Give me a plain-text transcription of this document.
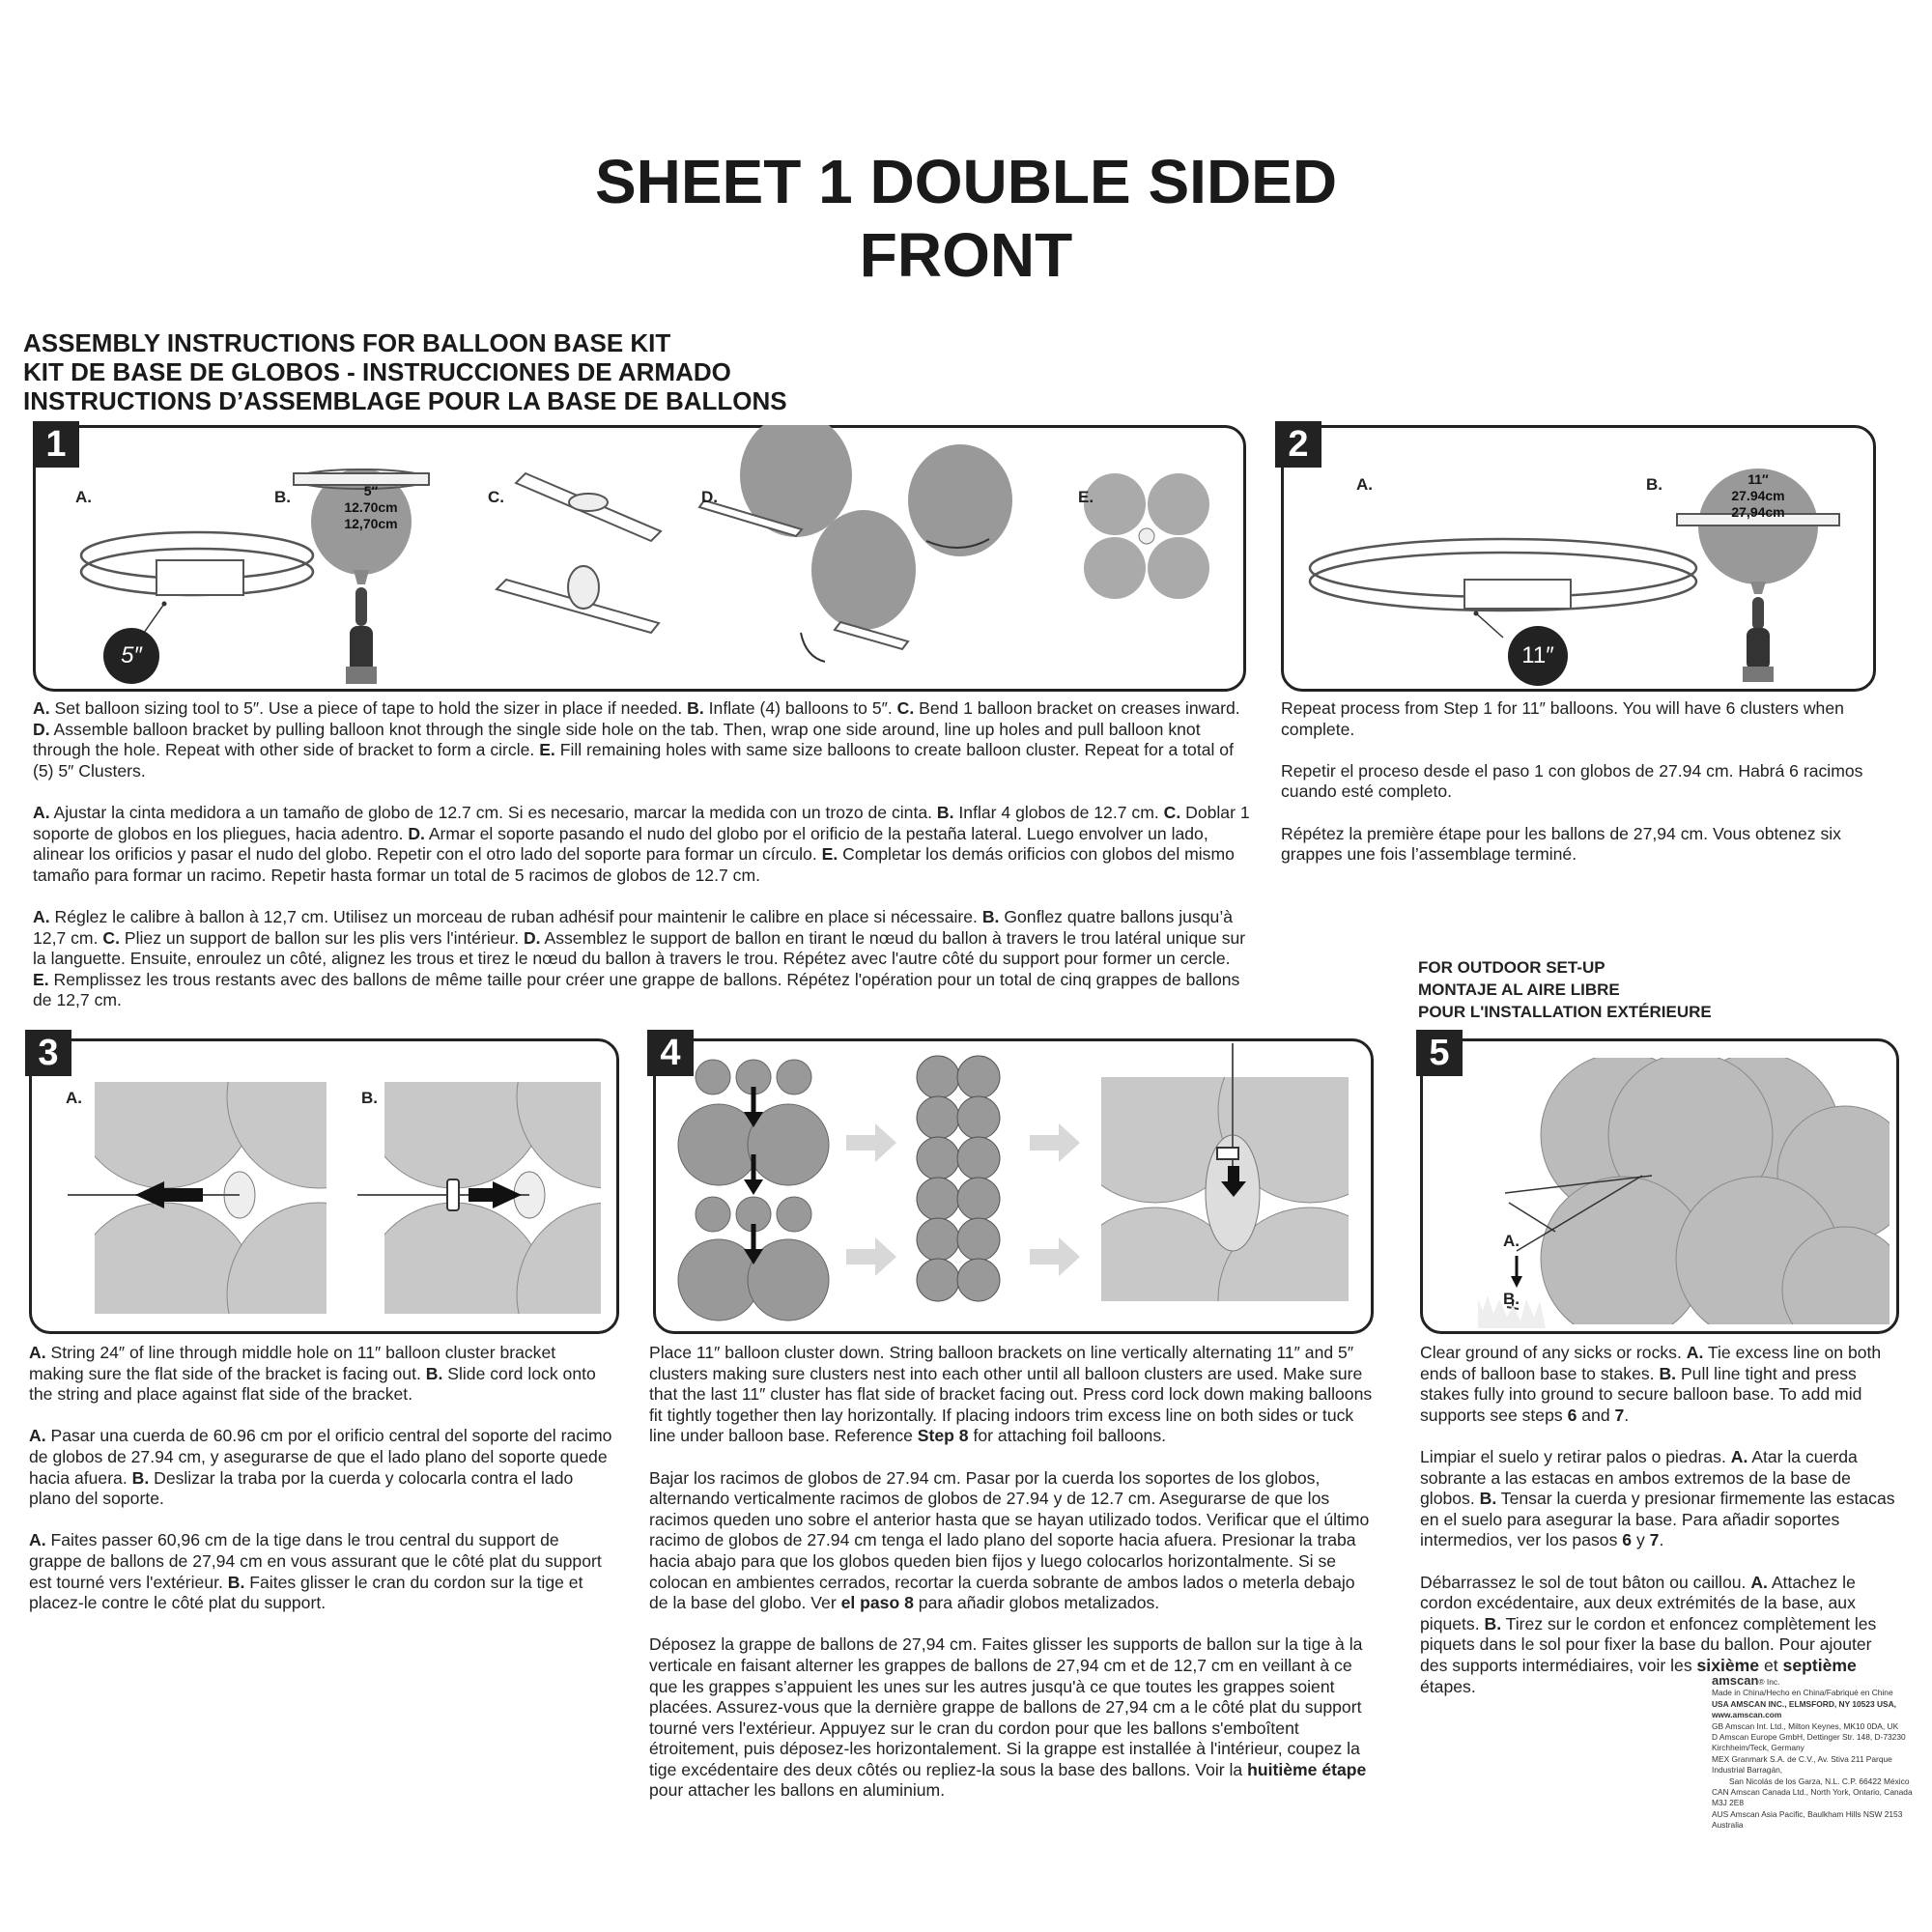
SHEET 1 DOUBLE SIDED
FRONT
ASSEMBLY INSTRUCTIONS FOR BALLOON BASE KIT
KIT DE BASE DE GLOBOS - INSTRUCCIONES DE ARMADO
INSTRUCTIONS D’ASSEMBLAGE POUR LA BASE DE BALLONS
1
A.	B.	C.	D.	E.
5″
5″
12.70cm
12,70cm

A. Set balloon sizing tool to 5″. Use a piece of tape to hold the sizer in place if needed. B. Inflate (4) balloons to 5″. C. Bend 1 balloon bracket on creases inward. D. Assemble balloon bracket by pulling balloon knot through the single side hole on the tab. Then, wrap one side around, line up holes and pull balloon knot through the hole. Repeat with other side of bracket to form a circle. E. Fill remaining holes with same size balloons to create balloon cluster. Repeat for a total of (5) 5″ Clusters.

A. Ajustar la cinta medidora a un tamaño de globo de 12.7 cm. Si es necesario, marcar la medida con un trozo de cinta. B. Inflar 4 globos de 12.7 cm. C. Doblar 1 soporte de globos en los pliegues, hacia adentro. D. Armar el soporte pasando el nudo del globo por el orificio de la pestaña lateral. Luego envolver un lado, alinear los orificios y pasar el nudo del globo. Repetir con el otro lado del soporte para formar un círculo. E. Completar los demás orificios con globos del mismo tamaño para formar un racimo. Repetir hasta formar un total de 5 racimos de globos de 12.7 cm.

A. Réglez le calibre à ballon à 12,7 cm. Utilisez un morceau de ruban adhésif pour maintenir le calibre en place si nécessaire. B. Gonflez quatre ballons jusqu’à 12,7 cm. C. Pliez un support de ballon sur les plis vers l'intérieur. D. Assemblez le support de ballon en tirant le nœud du ballon à travers le trou latéral unique sur la languette. Ensuite, enroulez un côté, alignez les trous et tirez le nœud du ballon à travers le trou. Répétez avec l'autre côté du support pour former un cercle. E. Remplissez les trous restants avec des ballons de même taille pour créer une grappe de ballons. Répétez l'opération pour un total de cinq grappes de ballons de 12,7 cm.

2
A.	B.
11″
11″
27.94cm
27,94cm

Repeat process from Step 1 for 11″ balloons. You will have 6 clusters when complete.

Repetir el proceso desde el paso 1 con globos de 27.94 cm. Habrá 6 racimos cuando esté completo.

Répétez la première étape pour les ballons de 27,94 cm. Vous obtenez six grappes une fois l’assemblage terminé.

FOR OUTDOOR SET-UP
MONTAJE AL AIRE LIBRE
POUR L'INSTALLATION EXTÉRIEURE
3
A.	B.

A. String 24″ of line through middle hole on 11″ balloon cluster bracket making sure the flat side of the bracket is facing out. B. Slide cord lock onto the string and place against flat side of the bracket.

A. Pasar una cuerda de 60.96 cm por el orificio central del soporte del racimo de globos de 27.94 cm, y asegurarse de que el lado plano del soporte quede hacia afuera. B. Deslizar la traba por la cuerda y colocarla contra el lado plano del soporte.

A. Faites passer 60,96 cm de la tige dans le trou central du support de grappe de ballons de 27,94 cm en vous assurant que le côté plat du support est tourné vers l'extérieur. B. Faites glisser le cran du cordon sur la tige et placez-le contre le côté plat du support.

4

Place 11″ balloon cluster down. String balloon brackets on line vertically alternating 11″ and 5″ clusters making sure clusters nest into each other until all balloon clusters are used. Make sure that the last 11″ cluster has flat side of bracket facing out. Press cord lock down making balloons fit tightly together then lay horizontally. If placing indoors trim excess line on both sides or tuck line under balloon base. Reference Step 8 for attaching foil balloons.

Bajar los racimos de globos de 27.94 cm. Pasar por la cuerda los soportes de los globos, alternando verticalmente racimos de globos de 27.94 y de 12.7 cm. Asegurarse de que los racimos queden uno sobre el anterior hasta que se hayan utilizado todos. Verificar que el último racimo de globos de 27.94 cm tenga el lado plano del soporte hacia afuera. Presionar la traba hacia abajo para que los globos queden bien fijos y luego colocarlos horizontalmente. Si se colocan en ambientes cerrados, recortar la cuerda sobrante de ambos lados o meterla debajo de la base del globo. Ver el paso 8 para añadir globos metalizados.

Déposez la grappe de ballons de 27,94 cm. Faites glisser les supports de ballon sur la tige à la verticale en faisant alterner les grappes de ballons de 27,94 cm et de 12,7 cm en veillant à ce que les grappes s’appuient les unes sur les autres jusqu'à ce que toutes les grappes soient placées. Assurez-vous que la dernière grappe de ballons de 27,94 cm a le côté plat du support tourné vers l'extérieur. Appuyez sur le cran du cordon pour que les ballons s'emboîtent étroitement, puis déposez-les horizontalement. Si la grappe est installée à l'intérieur, coupez la tige excédentaire des deux côtés ou repliez-la sous la base des ballons. Voir la huitième étape pour attacher les ballons en aluminium.

5
A.
B.

Clear ground of any sicks or rocks. A. Tie excess line on both ends of balloon base to stakes. B. Pull line tight and press stakes fully into ground to secure balloon base. To add mid supports see steps 6 and 7.

Limpiar el suelo y retirar palos o piedras. A. Atar la cuerda sobrante a las estacas en ambos extremos de la base de globos. B. Tensar la cuerda y presionar firmemente las estacas en el suelo para asegurar la base. Para añadir soportes intermedios, ver los pasos 6 y 7.

Débarrassez le sol de tout bâton ou caillou. A. Attachez le cordon excédentaire, aux deux extrémités de la base, aux piquets. B. Tirez sur le cordon et enfoncez complètement les piquets dans le sol pour fixer la base du ballon. Pour ajouter des supports intermédiaires, voir les sixième et septième étapes.	amscan® Inc.
Made in China/Hecho en China/Fabriqué en Chine
USA AMSCAN INC., ELMSFORD, NY 10523 USA, www.amscan.com
GB Amscan Int. Ltd., Milton Keynes, MK10 0DA, UK
D Amscan Europe GmbH, Dettinger Str. 148, D-73230 Kirchheim/Teck, Germany
MEX Granmark S.A. de C.V., Av. Stiva 211 Parque Industrial Barragán,
San Nicolás de los Garza, N.L. C.P. 66422 México
CAN Amscan Canada Ltd., North York, Ontario, Canada M3J 2E8
AUS Amscan Asia Pacific, Baulkham Hills NSW 2153 Australia
